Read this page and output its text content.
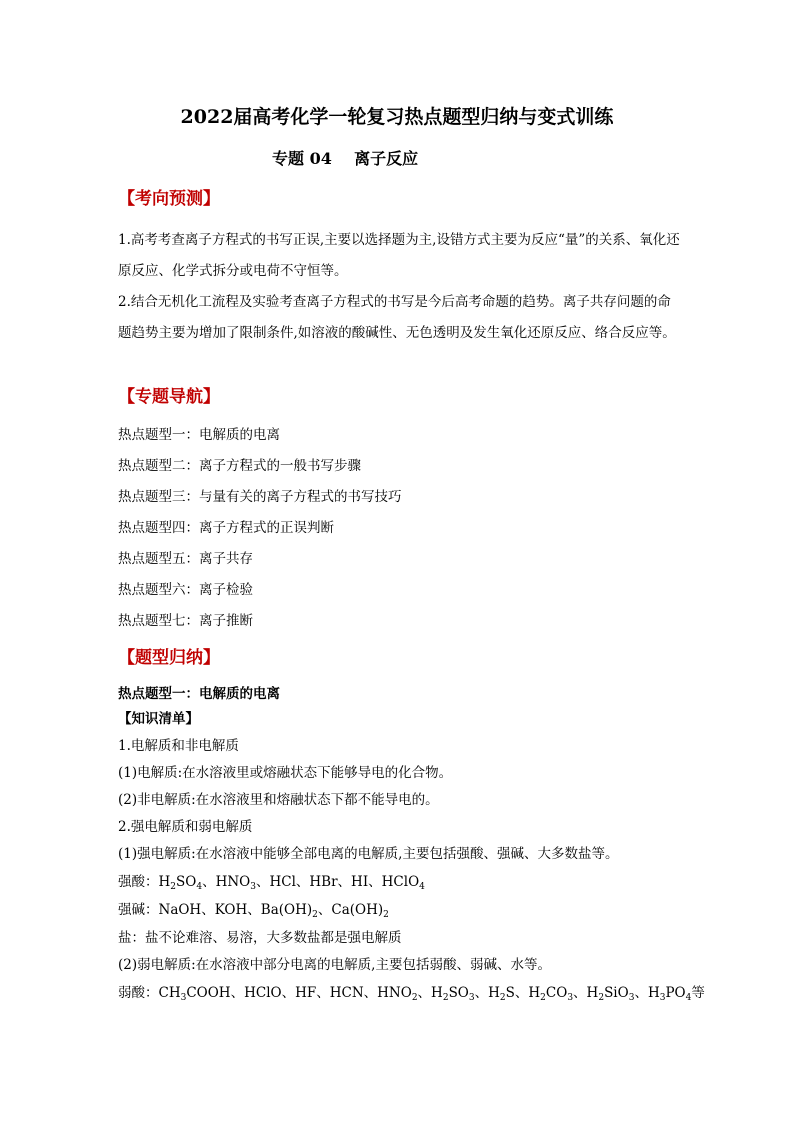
2022届高考化学一轮复习热点题型归纳与变式训练
专题 04    离子反应
【考向预测】
1.高考考查离子方程式的书写正误,主要以选择题为主,设错方式主要为反应“量”的关系、氧化还原反应、化学式拆分或电荷不守恒等。
2.结合无机化工流程及实验考查离子方程式的书写是今后高考命题的趋势。离子共存问题的命题趋势主要为增加了限制条件,如溶液的酸碱性、无色透明及发生氧化还原反应、络合反应等。
【专题导航】
热点题型一：电解质的电离
热点题型二：离子方程式的一般书写步骤
热点题型三：与量有关的离子方程式的书写技巧
热点题型四：离子方程式的正误判断
热点题型五：离子共存
热点题型六：离子检验
热点题型七：离子推断
【题型归纳】
热点题型一：电解质的电离
【知识清单】
1.电解质和非电解质
(1)电解质:在水溶液里或熔融状态下能够导电的化合物。
(2)非电解质:在水溶液里和熔融状态下都不能导电的。
2.强电解质和弱电解质
(1)强电解质:在水溶液中能够全部电离的电解质,主要包括强酸、强碱、大多数盐等。
强酸：$H_2SO_4$、$HNO_3$、HCl、HBr、HI、HClO$_4$
强碱：NaOH、KOH、$Ba(OH)_2$、$Ca(OH)_2$
盐：盐不论难溶、易溶，大多数盐都是强电解质
(2)弱电解质:在水溶液中部分电离的电解质,主要包括弱酸、弱碱、水等。
弱酸：$CH_3COOH$、HClO、HF、HCN、$HNO_2$、$H_2SO_3$、$H_2S$、$H_2CO_3$、$H_2SiO_3$、$H_3PO_4$等
